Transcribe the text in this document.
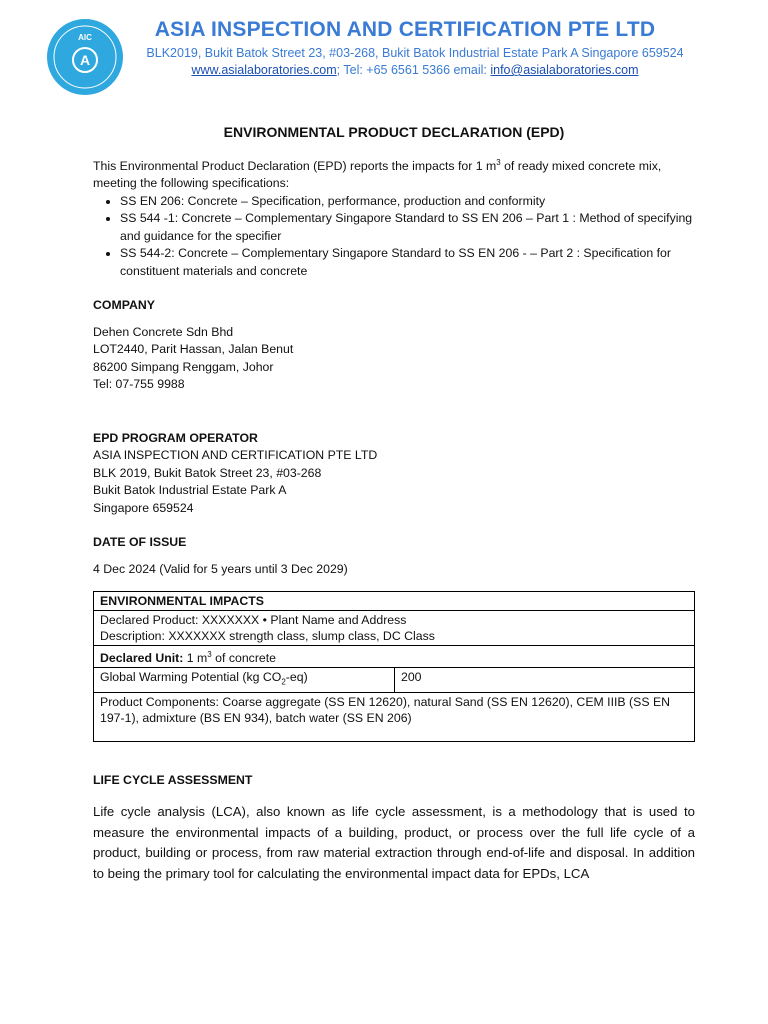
AIC
A
ASIA INSPECTION AND CERTIFICATION PTE LTD
BLK2019, Bukit Batok Street 23, #03-268, Bukit Batok Industrial Estate Park A Singapore 659524
www.asialaboratories.com; Tel: +65 6561 5366 email: info@asialaboratories.com
ENVIRONMENTAL PRODUCT DECLARATION (EPD)

This Environmental Product Declaration (EPD) reports the impacts for 1 $m^3$ of ready mixed concrete mix, meeting the following specifications:

• SS EN 206: Concrete – Specification, performance, production and conformity
• SS 544 -1: Concrete – Complementary Singapore Standard to SS EN 206 – Part 1 : Method of specifying and guidance for the specifier
• SS 544-2: Concrete – Complementary Singapore Standard to SS EN 206 - – Part 2 : Specification for constituent materials and concrete
COMPANY
Dehen Concrete Sdn Bhd
LOT2440, Parit Hassan, Jalan Benut
86200 Simpang Renggam, Johor
Tel: 07-755 9988
EPD PROGRAM OPERATOR
ASIA INSPECTION AND CERTIFICATION PTE LTD
BLK 2019, Bukit Batok Street 23, #03-268
Bukit Batok Industrial Estate Park A
Singapore 659524
DATE OF ISSUE
4 Dec 2024 (Valid for 5 years until 3 Dec 2029)
ENVIRONMENTAL IMPACTS

Declared Product: XXXXXXX • Plant Name and Address
Description: XXXXXXX strength class, slump class, DC Class

Declared Unit: 1 $m^3$ of concrete
Global Warming Potential (kg $CO_2-eq$)	200
Product Components: Coarse aggregate (SS EN 12620), natural Sand (SS EN 12620), CEM IIIB (SS EN 197-1), admixture (BS EN 934), batch water (SS EN 206)
LIFE CYCLE ASSESSMENT

Life cycle analysis (LCA), also known as life cycle assessment, is a methodology that is used to measure the environmental impacts of a building, product, or process over the full life cycle of a product, building or process, from raw material extraction through end-of-life and disposal. In addition to being the primary tool for calculating the environmental impact data for EPDs, LCA
